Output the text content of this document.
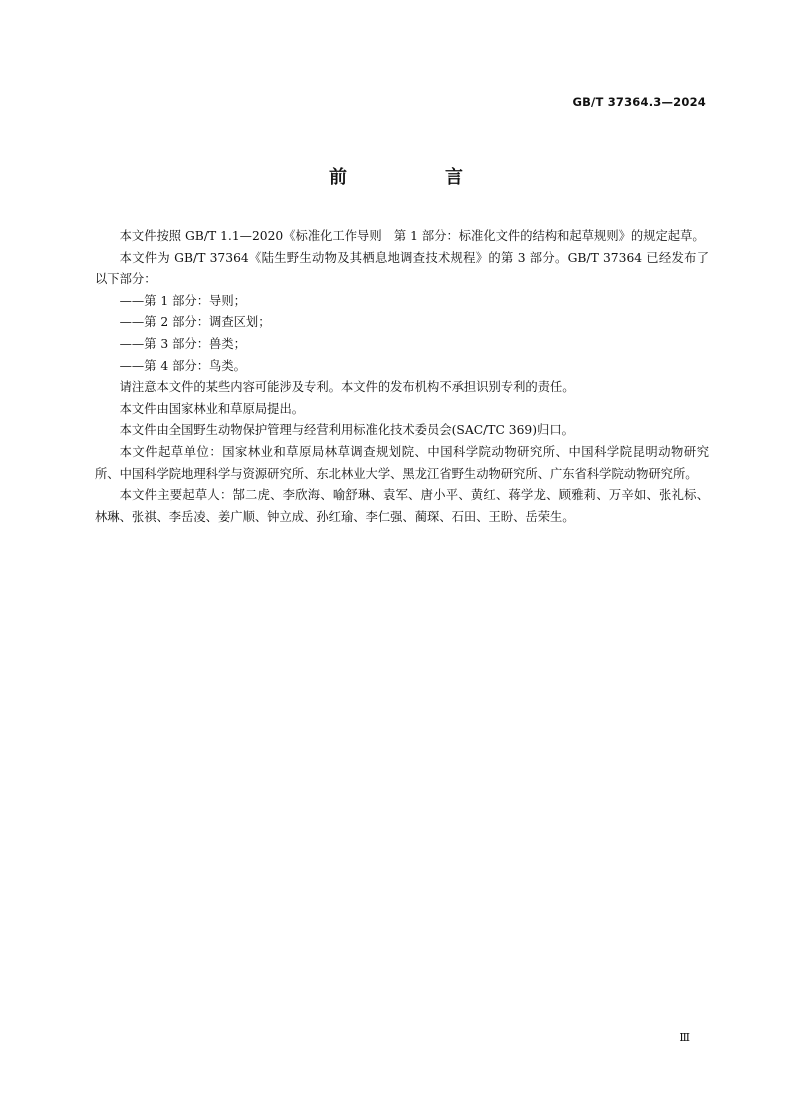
GB/T 37364.3—2024
前　言

本文件按照 GB/T 1.1—2020《标准化工作导则　第 1 部分：标准化文件的结构和起草规则》的规定起草。

本文件为 GB/T 37364《陆生野生动物及其栖息地调查技术规程》的第 3 部分。GB/T 37364 已经发布了以下部分：

——第 1 部分：导则；

——第 2 部分：调查区划；

——第 3 部分：兽类；

——第 4 部分：鸟类。

请注意本文件的某些内容可能涉及专利。本文件的发布机构不承担识别专利的责任。

本文件由国家林业和草原局提出。

本文件由全国野生动物保护管理与经营利用标准化技术委员会(SAC/TC 369)归口。

本文件起草单位：国家林业和草原局林草调查规划院、中国科学院动物研究所、中国科学院昆明动物研究所、中国科学院地理科学与资源研究所、东北林业大学、黑龙江省野生动物研究所、广东省科学院动物研究所。

本文件主要起草人：郜二虎、李欣海、喻舒琳、袁军、唐小平、黄红、蒋学龙、顾雅莉、万辛如、张礼标、林琳、张祺、李岳凌、姜广顺、钟立成、孙红瑜、李仁强、蔺琛、石田、王盼、岳荣生。

Ⅲ
